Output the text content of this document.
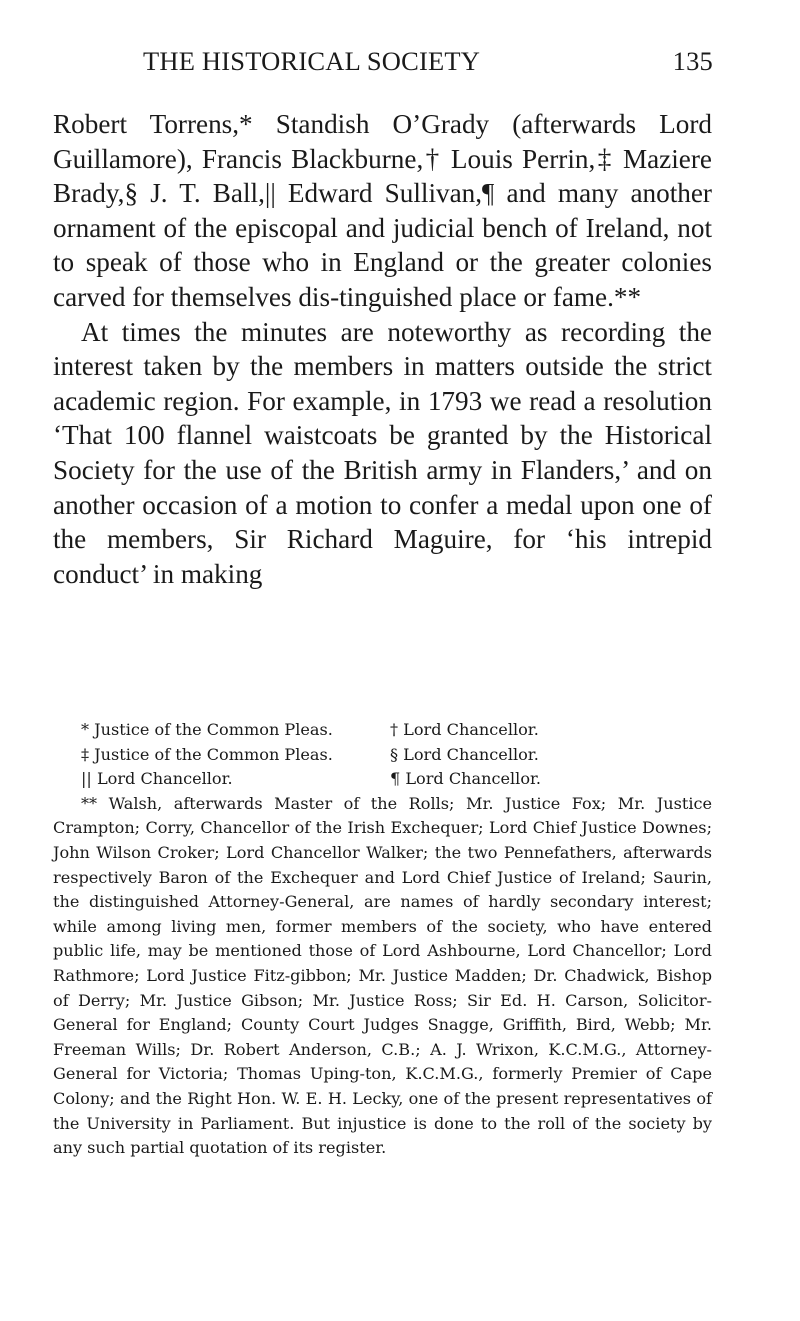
THE HISTORICAL SOCIETY	135

Robert Torrens,* Standish O’Grady (afterwards Lord Guillamore), Francis Blackburne,† Louis Perrin,‡ Maziere Brady,§ J. T. Ball,|| Edward Sullivan,¶ and many another ornament of the episcopal and judicial bench of Ireland, not to speak of those who in England or the greater colonies carved for themselves dis-tinguished place or fame.**

At times the minutes are noteworthy as recording the interest taken by the members in matters outside the strict academic region. For example, in 1793 we read a resolution ‘That 100 flannel waistcoats be granted by the Historical Society for the use of the British army in Flanders,’ and on another occasion of a motion to confer a medal upon one of the members, Sir Richard Maguire, for ‘his intrepid conduct’ in making

* Justice of the Common Pleas.	† Lord Chancellor.
‡ Justice of the Common Pleas.	§ Lord Chancellor.
|| Lord Chancellor.	¶ Lord Chancellor.

** Walsh, afterwards Master of the Rolls; Mr. Justice Fox; Mr. Justice Crampton; Corry, Chancellor of the Irish Exchequer; Lord Chief Justice Downes; John Wilson Croker; Lord Chancellor Walker; the two Pennefathers, afterwards respectively Baron of the Exchequer and Lord Chief Justice of Ireland; Saurin, the distinguished Attorney-General, are names of hardly secondary interest; while among living men, former members of the society, who have entered public life, may be mentioned those of Lord Ashbourne, Lord Chancellor; Lord Rathmore; Lord Justice Fitz-gibbon; Mr. Justice Madden; Dr. Chadwick, Bishop of Derry; Mr. Justice Gibson; Mr. Justice Ross; Sir Ed. H. Carson, Solicitor-General for England; County Court Judges Snagge, Griffith, Bird, Webb; Mr. Freeman Wills; Dr. Robert Anderson, C.B.; A. J. Wrixon, K.C.M.G., Attorney-General for Victoria; Thomas Uping-ton, K.C.M.G., formerly Premier of Cape Colony; and the Right Hon. W. E. H. Lecky, one of the present representatives of the University in Parliament. But injustice is done to the roll of the society by any such partial quotation of its register.
